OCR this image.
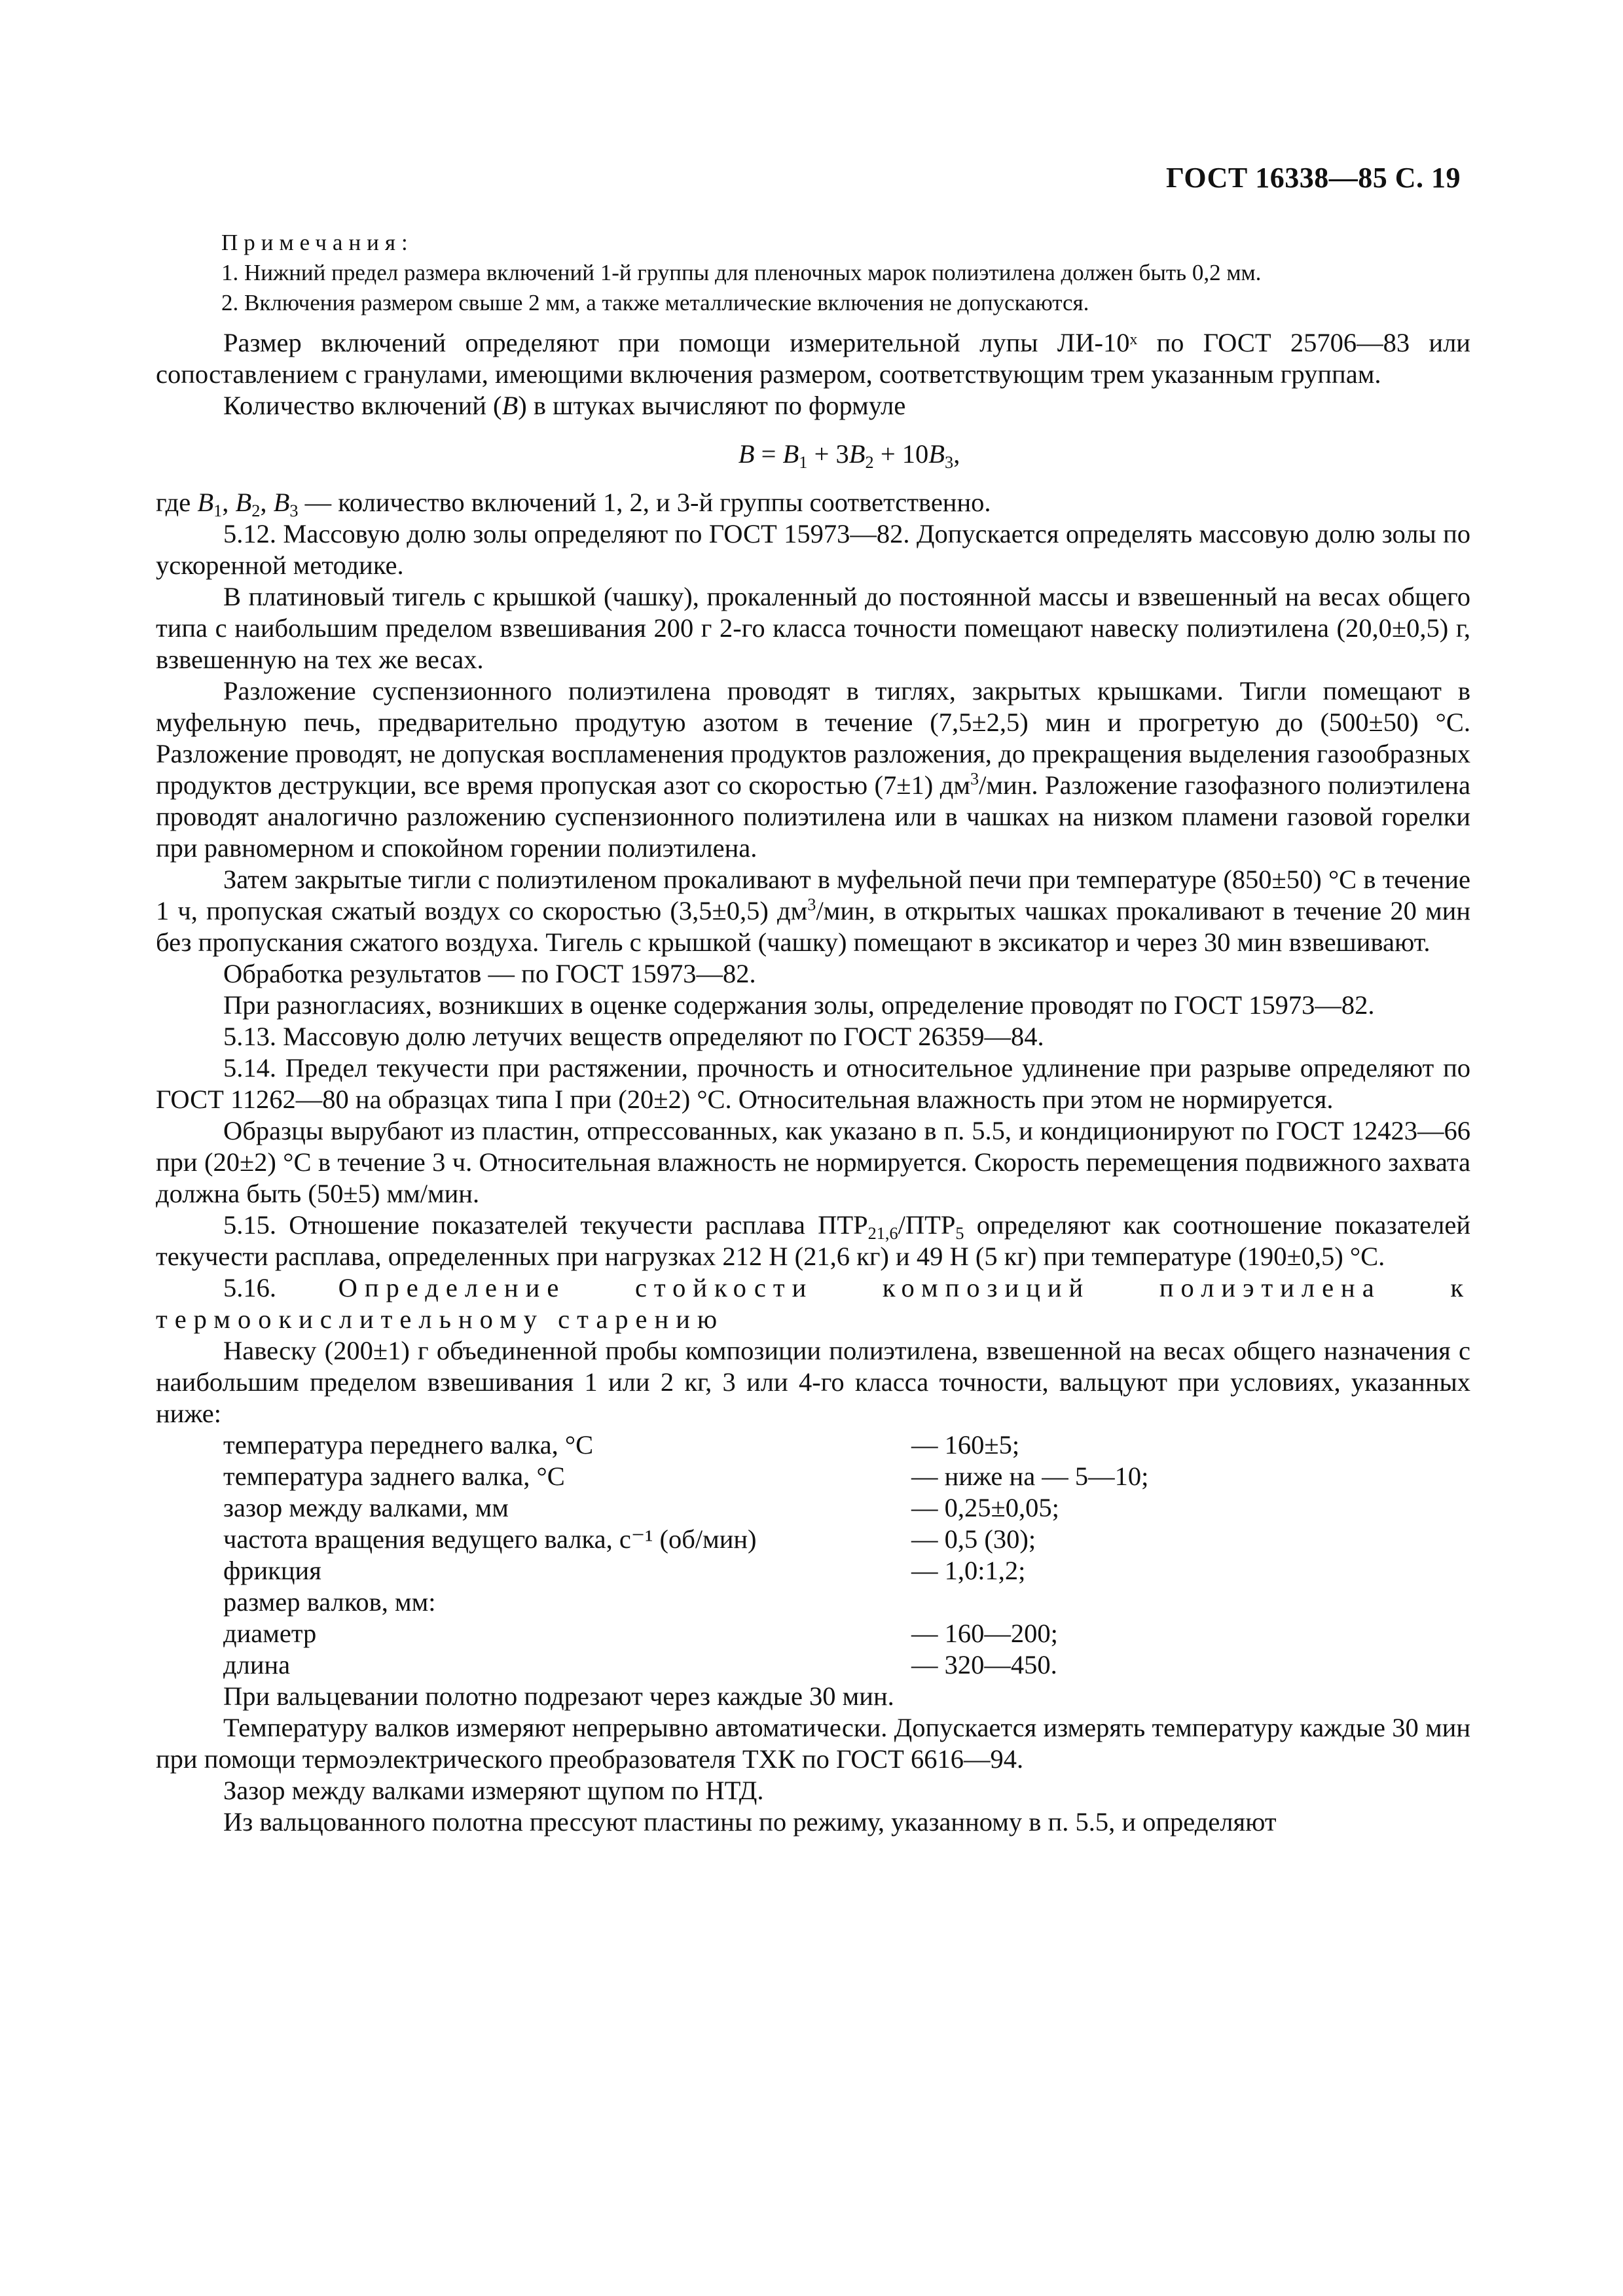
ГОСТ 16338—85 С. 19
Примечания:
1. Нижний предел размера включений 1-й группы для пленочных марок полиэтилена должен быть 0,2 мм.
2. Включения размером свыше 2 мм, а также металлические включения не допускаются.

Размер включений определяют при помощи измерительной лупы ЛИ-10ˣ по ГОСТ 25706—83 или сопоставлением с гранулами, имеющими включения размером, соответствующим трем указанным группам.

Количество включений (B) в штуках вычисляют по формуле

$B = B_1 + 3B_2 + 10B_3$,

где $B_1$, $B_2$, $B_3$ — количество включений 1, 2, и 3-й группы соответственно.

5.12. Массовую долю золы определяют по ГОСТ 15973—82. Допускается определять массовую долю золы по ускоренной методике.

В платиновый тигель с крышкой (чашку), прокаленный до постоянной массы и взвешенный на весах общего типа с наибольшим пределом взвешивания 200 г 2-го класса точности помещают навеску полиэтилена (20,0±0,5) г, взвешенную на тех же весах.

Разложение суспензионного полиэтилена проводят в тиглях, закрытых крышками. Тигли помещают в муфельную печь, предварительно продутую азотом в течение (7,5±2,5) мин и прогретую до (500±50) °С. Разложение проводят, не допуская воспламенения продуктов разложения, до прекращения выделения газообразных продуктов деструкции, все время пропуская азот со скоростью (7±1) $дм^3$/мин. Разложение газофазного полиэтилена проводят аналогично разложению суспензионного полиэтилена или в чашках на низком пламени газовой горелки при равномерном и спокойном горении полиэтилена.

Затем закрытые тигли с полиэтиленом прокаливают в муфельной печи при температуре (850±50) °С в течение 1 ч, пропуская сжатый воздух со скоростью (3,5±0,5) $дм^3$/мин, в открытых чашках прокаливают в течение 20 мин без пропускания сжатого воздуха. Тигель с крышкой (чашку) помещают в эксикатор и через 30 мин взвешивают.

Обработка результатов — по ГОСТ 15973—82.

При разногласиях, возникших в оценке содержания золы, определение проводят по ГОСТ 15973—82.

5.13. Массовую долю летучих веществ определяют по ГОСТ 26359—84.

5.14. Предел текучести при растяжении, прочность и относительное удлинение при разрыве определяют по ГОСТ 11262—80 на образцах типа I при (20±2) °С. Относительная влажность при этом не нормируется.

Образцы вырубают из пластин, отпрессованных, как указано в п. 5.5, и кондиционируют по ГОСТ 12423—66 при (20±2) °С в течение 3 ч. Относительная влажность не нормируется. Скорость перемещения подвижного захвата должна быть (50±5) мм/мин.

5.15. Отношение показателей текучести расплава $ПТР_{21,6}/ПТР_5$ определяют как соотношение показателей текучести расплава, определенных при нагрузках 212 Н (21,6 кг) и 49 Н (5 кг) при температуре (190±0,5) °С.

5.16. Определение стойкости композиций полиэтилена к термоокислительному старению

Навеску (200±1) г объединенной пробы композиции полиэтилена, взвешенной на весах общего назначения с наибольшим пределом взвешивания 1 или 2 кг, 3 или 4-го класса точности, вальцуют при условиях, указанных ниже:

температура переднего валка, °С	— 160±5;
температура заднего валка, °С	— ниже на — 5—10;
зазор между валками, мм	— 0,25±0,05;
частота вращения ведущего валка, с⁻¹ (об/мин)	— 0,5 (30);
фрикция	— 1,0:1,2;
размер валков, мм:
диаметр	— 160—200;
длина	— 320—450.

При вальцевании полотно подрезают через каждые 30 мин.

Температуру валков измеряют непрерывно автоматически. Допускается измерять температуру каждые 30 мин при помощи термоэлектрического преобразователя ТХК по ГОСТ 6616—94.

Зазор между валками измеряют щупом по НТД.

Из вальцованного полотна прессуют пластины по режиму, указанному в п. 5.5, и определяют
